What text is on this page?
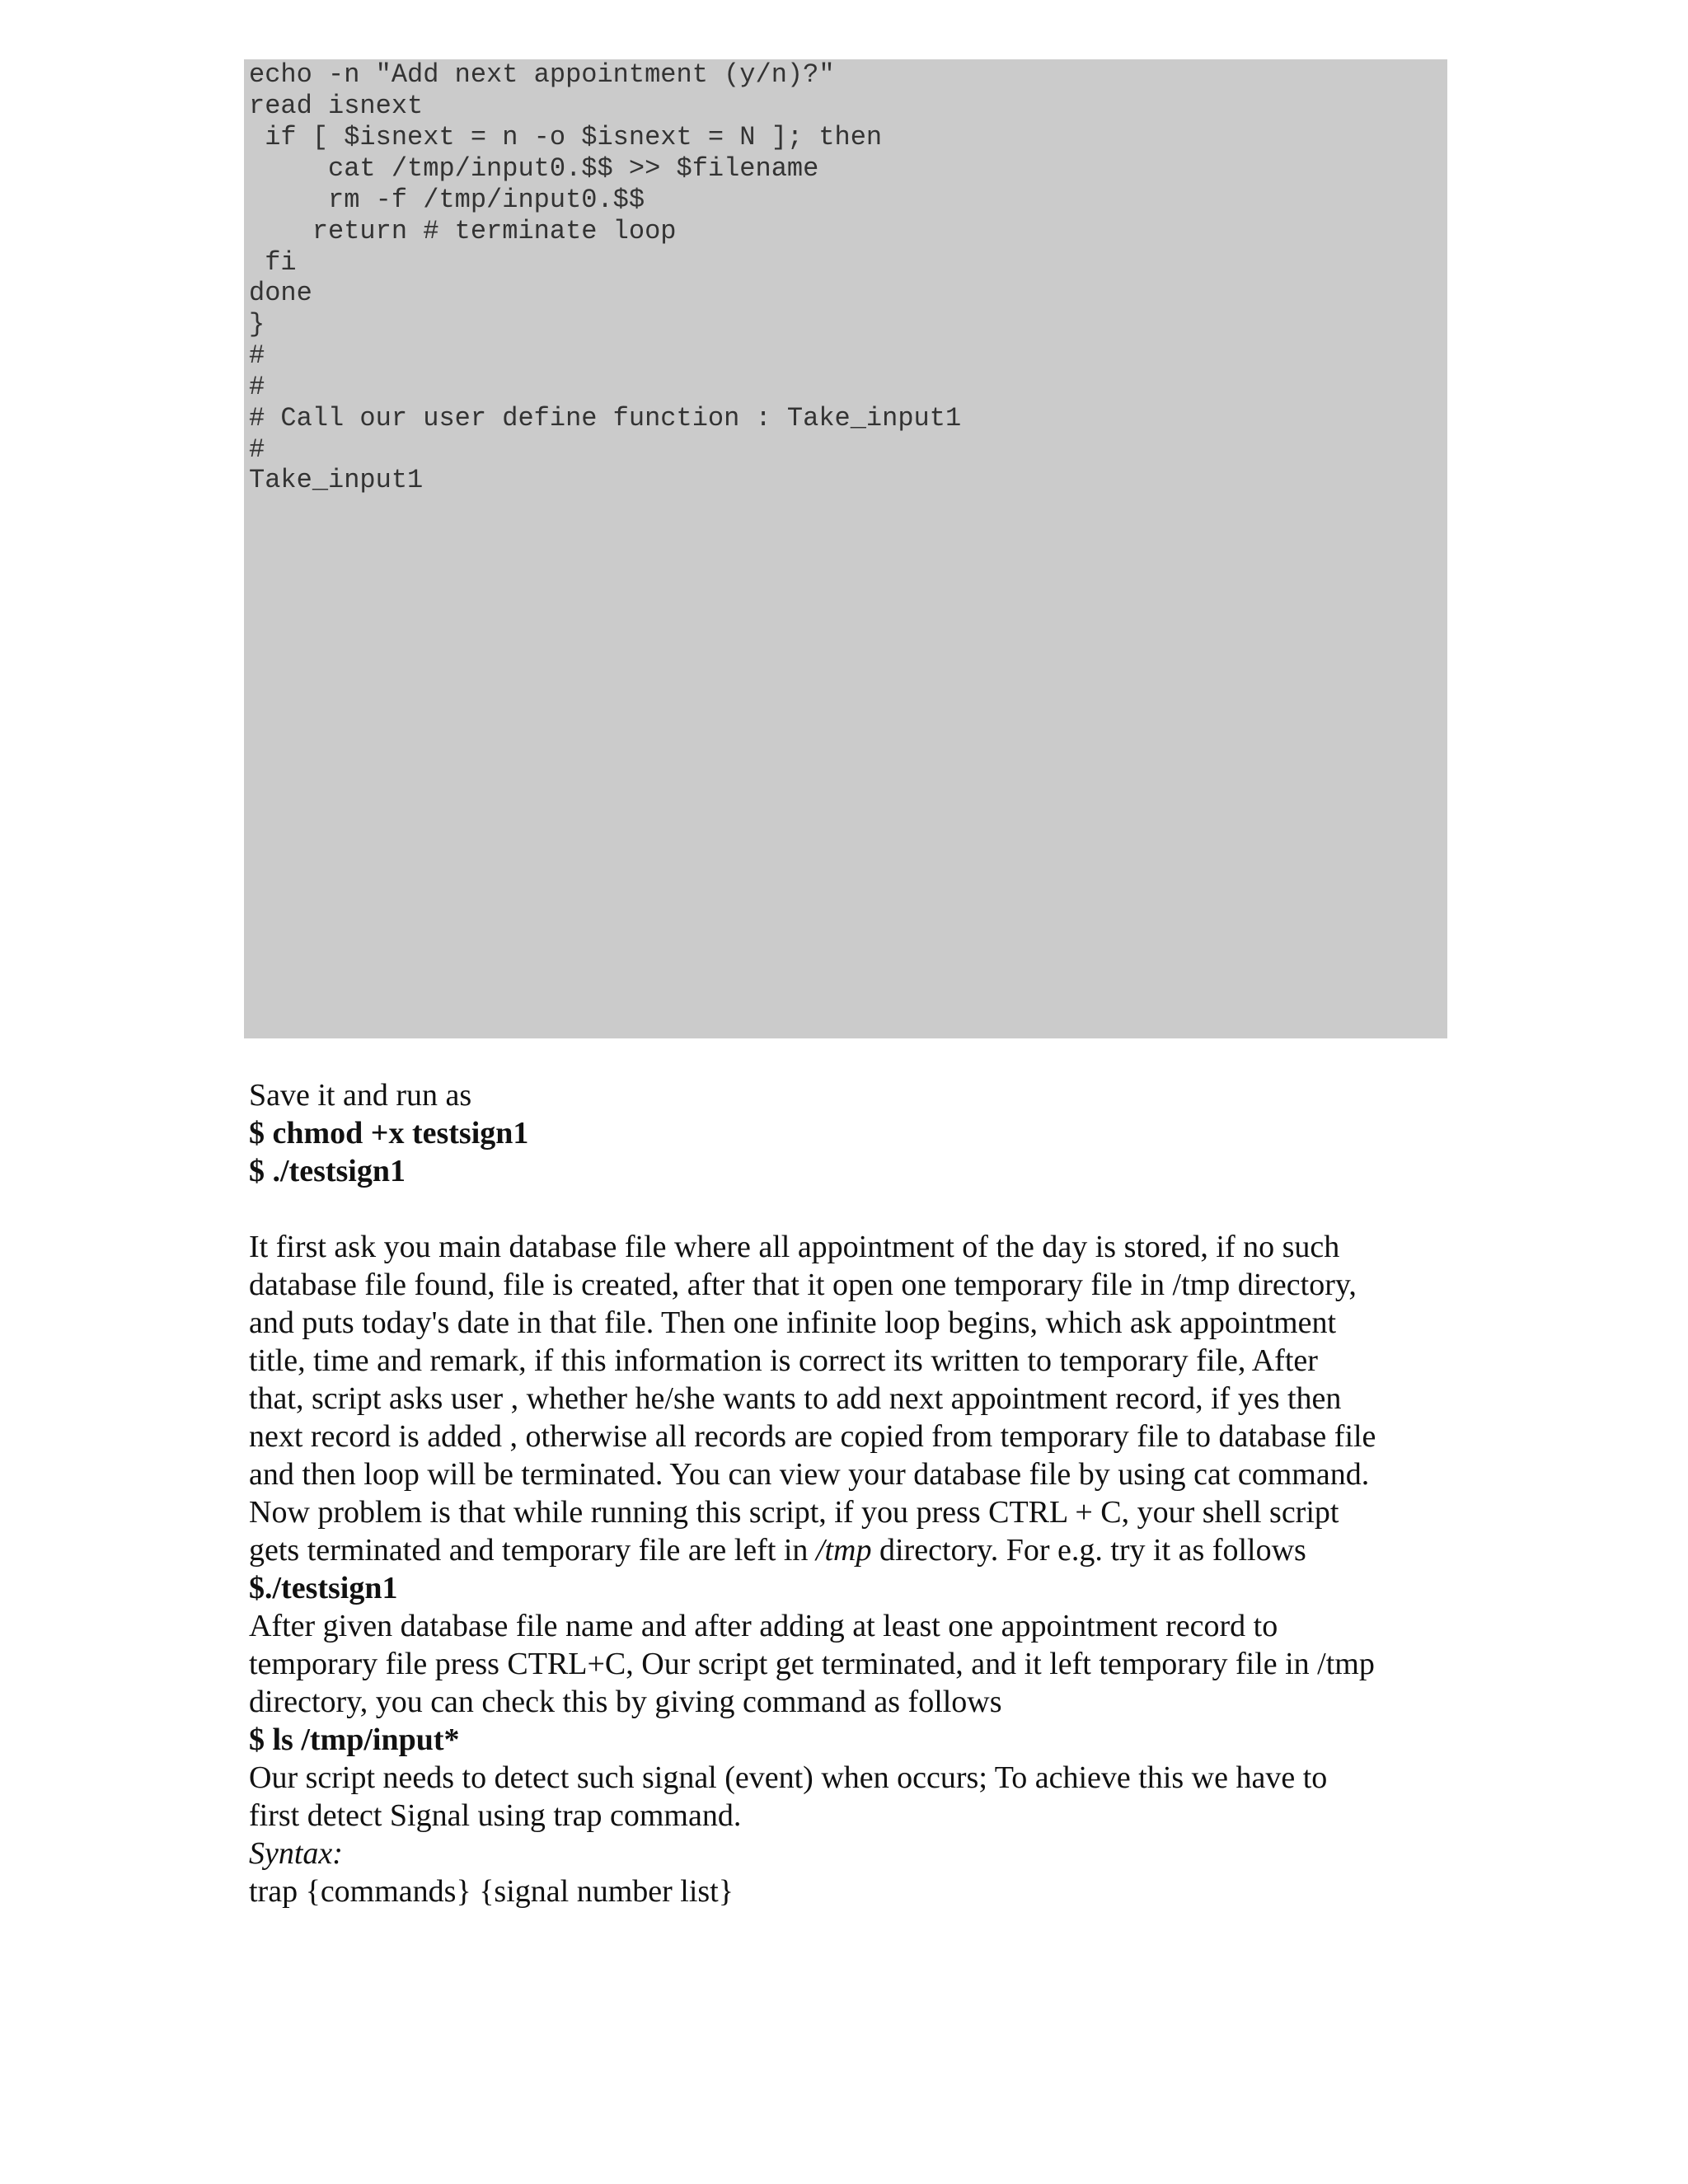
echo -n "Add next appointment (y/n)?"
read isnext
if [ $isnext = n -o $isnext = N ]; then
cat /tmp/input0.$$ >> $filename
rm -f /tmp/input0.$$
return # terminate loop
fi
done
}
#
#
# Call our user define function : Take_input1
#
Take_input1
Save it and run as
$ chmod +x testsign1
$ ./testsign1
It first ask you main database file where all appointment of the day is stored, if no such
database file found, file is created, after that it open one temporary file in /tmp directory,
and puts today's date in that file. Then one infinite loop begins, which ask appointment
title, time and remark, if this information is correct its written to temporary file, After
that, script asks user , whether he/she wants to add next appointment record, if yes then
next record is added , otherwise all records are copied from temporary file to database file
and then loop will be terminated. You can view your database file by using cat command.
Now problem is that while running this script, if you press CTRL + C, your shell script
gets terminated and temporary file are left in /tmp directory. For e.g. try it as follows
$./testsign1
After given database file name and after adding at least one appointment record to
temporary file press CTRL+C, Our script get terminated, and it left temporary file in /tmp
directory, you can check this by giving command as follows
$ ls /tmp/input*
Our script needs to detect such signal (event) when occurs; To achieve this we have to
first detect Signal using trap command.
Syntax:
trap {commands} {signal number list}
